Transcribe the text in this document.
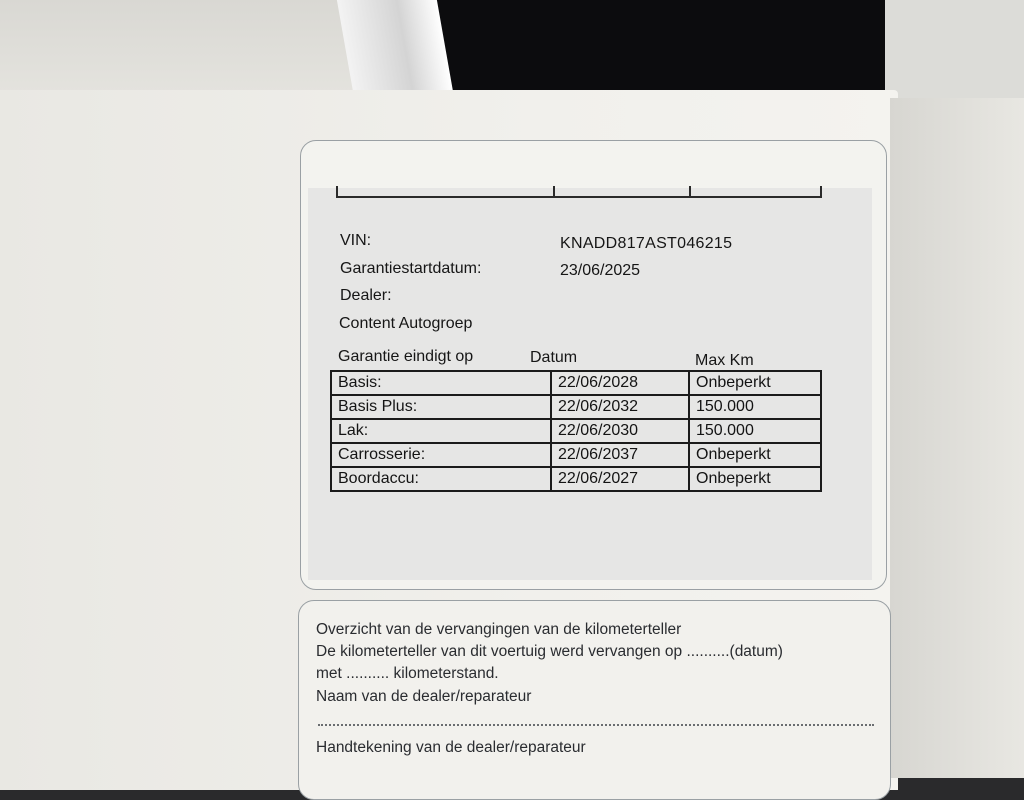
VIN:	KNADD817AST046215
Garantiestartdatum:	23/06/2025
Dealer:
Content Autogroep
Garantie eindigt op	Datum	Max Km
Basis:	22/06/2028	Onbeperkt
Basis Plus:	22/06/2032	150.000
Lak:	22/06/2030	150.000
Carrosserie:	22/06/2037	Onbeperkt
Boordaccu:	22/06/2027	Onbeperkt
Overzicht van de vervangingen van de kilometerteller
De kilometerteller van dit voertuig werd vervangen op ..........(datum)
met .......... kilometerstand.
Naam van de dealer/reparateur
Handtekening van de dealer/reparateur
